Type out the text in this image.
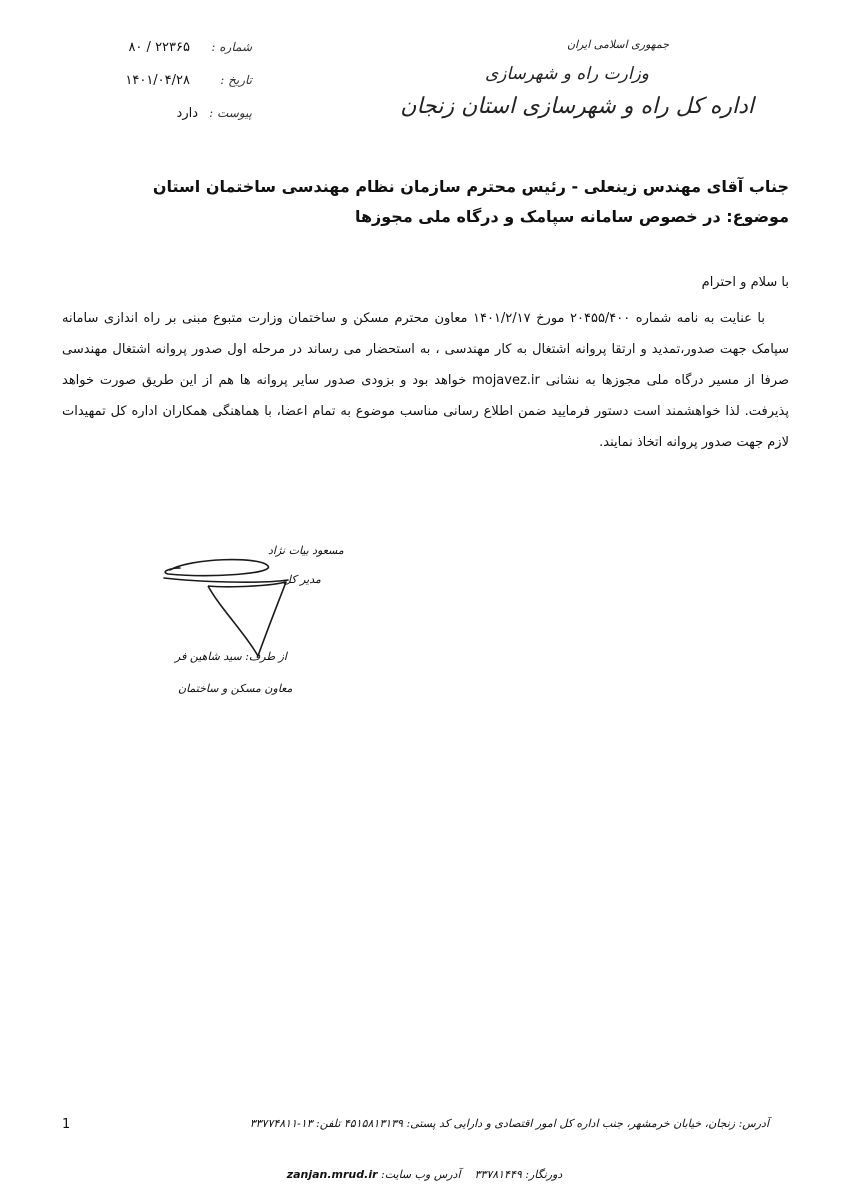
جمهوری اسلامی ایران
وزارت راه و شهرسازی
اداره کل راه و شهرسازی استان زنجان
شماره :
۲۲۳۶۵ / ۸۰
تاریخ :
۱۴۰۱/۰۴/۲۸
پیوست :
دارد
جناب آقای مهندس زینعلی - رئیس محترم سازمان نظام مهندسی ساختمان استان
موضوع: در خصوص سامانه سپامک و درگاه ملی مجوزها
با سلام و احترام
با عنایت به نامه شماره ۲۰۴۵۵/۴۰۰ مورخ ۱۴۰۱/۲/۱۷ معاون محترم مسکن و ساختمان وزارت متبوع مبنی بر راه اندازی سامانه سپامک جهت صدور،تمدید و ارتقا پروانه اشتغال به کار مهندسی ، به استحضار می رساند در مرحله اول صدور پروانه اشتغال مهندسی صرفا از مسیر درگاه ملی مجوزها به نشانی mojavez.ir خواهد بود و بزودی صدور سایر پروانه ها هم از این طریق صورت خواهد پذیرفت. لذا خواهشمند است دستور فرمایید ضمن اطلاع رسانی مناسب موضوع به تمام اعضا، با هماهنگی همکاران اداره کل تمهیدات لازم جهت صدور پروانه اتخاذ نمایند.
مسعود بیات نژاد
مدیر کل
از طرف: سید شاهین فر
معاون مسکن و ساختمان
1	آدرس: زنجان، خیابان خرمشهر، جنب اداره کل امور اقتصادی و دارایی کد پستی: ۴۵۱۵۸۱۳۱۳۹ تلفن: ۱۳-۳۳۷۷۴۸۱۱
دورنگار: ۳۳۷۸۱۴۴۹    آدرس وب سایت: zanjan.mrud.ir
